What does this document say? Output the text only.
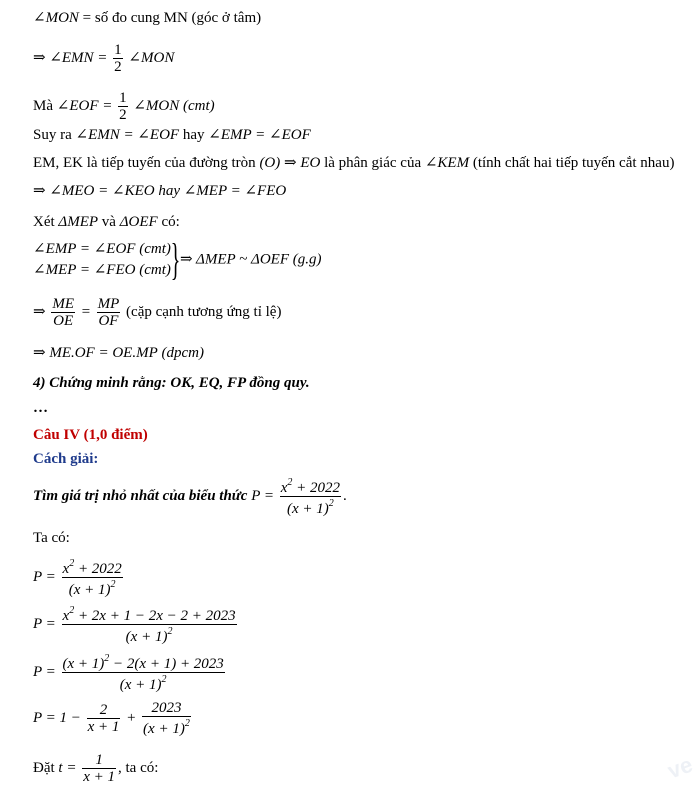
∠MON = số đo cung MN (góc ở tâm)
⇒ ∠EMN = $\frac{1}{2}$ ∠MON
Mà ∠EOF = $\frac{1}{2}$ ∠MON (cmt)
Suy ra ∠EMN = ∠EOF hay ∠EMP = ∠EOF
EM, EK là tiếp tuyến của đường tròn (O) ⇒ EO là phân giác của ∠KEM (tính chất hai tiếp tuyến cắt nhau)
⇒ ∠MEO = ∠KEO hay ∠MEP = ∠FEO
Xét ΔMEP và ΔOEF có:
∠EMP = ∠EOF (cmt)
∠MEP = ∠FEO (cmt) }⇒ ΔMEP ~ ΔOEF (g.g)
⇒ $\frac{ME}{OE} = \frac{MP}{OF}$ (cặp cạnh tương ứng tỉ lệ)
⇒ ME.OF = OE.MP (dpcm)
4) Chứng minh rằng: OK, EQ, FP đồng quy.
…
Câu IV (1,0 điểm)
Cách giải:
Tìm giá trị nhỏ nhất của biểu thức $P = \frac{x^2 + 2022}{(x + 1)^2}$ .
Ta có:
$P = \frac{x^2 + 2022}{(x + 1)^2}$
$P = \frac{x^2 + 2x + 1 - 2x - 2 + 2023}{(x + 1)^2}$
$P = \frac{(x + 1)^2 - 2(x + 1) + 2023}{(x + 1)^2}$
$P = 1 - \frac{2}{x + 1} + \frac{2023}{(x + 1)^2}$
Đặt $t = \frac{1}{x + 1}$ , ta có:	ve
